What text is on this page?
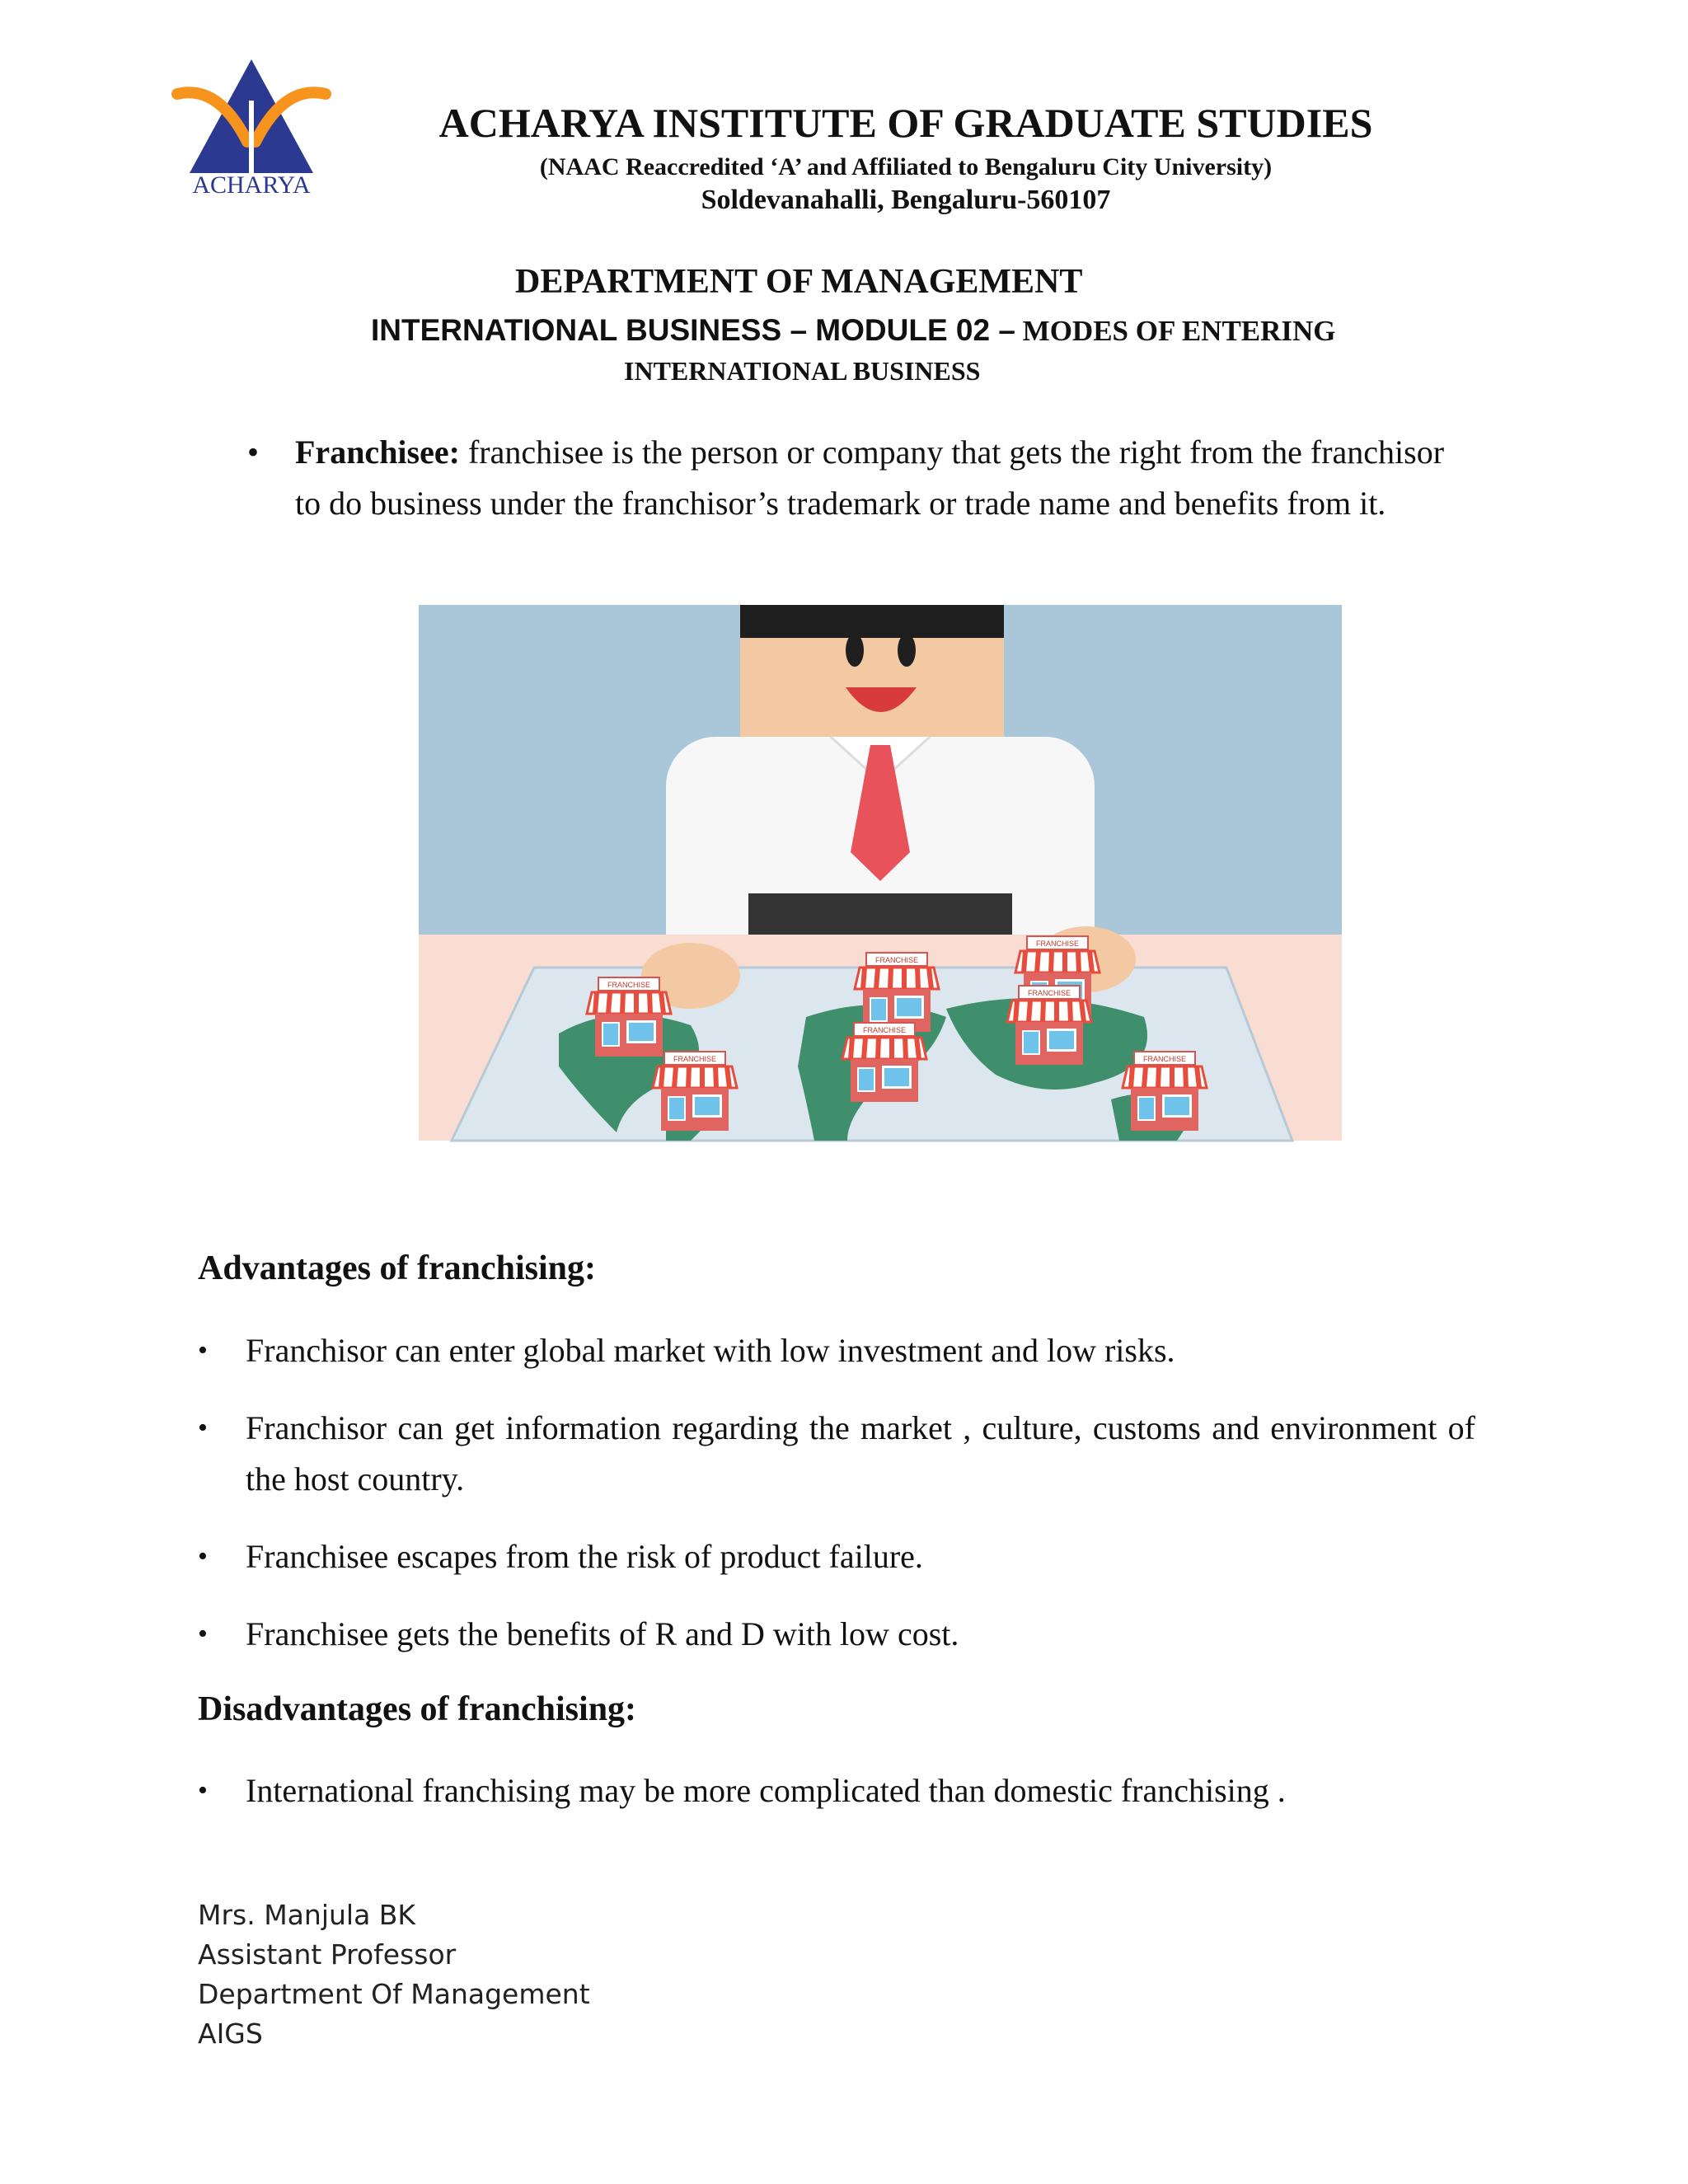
ACHARYA
ACHARYA INSTITUTE OF GRADUATE STUDIES
(NAAC Reaccredited ‘A’ and Affiliated to Bengaluru City University)
Soldevanahalli, Bengaluru-560107
DEPARTMENT OF MANAGEMENT
INTERNATIONAL BUSINESS – MODULE 02 – MODES OF ENTERING
INTERNATIONAL BUSINESS
• Franchisee: franchisee is the person or company that gets the right from the franchisor to do business under the franchisor’s trademark or trade name and benefits from it.
FRANCHISE
Advantages of franchising:
• Franchisor can enter global market with low investment and low risks.
• Franchisor can get information regarding the market , culture, customs and environment of the host country.
• Franchisee escapes from the risk of product failure.
• Franchisee gets the benefits of R and D with low cost.
Disadvantages of franchising:
• International franchising may be more complicated than domestic franchising .
Mrs. Manjula BK
Assistant Professor
Department Of Management
AIGS
